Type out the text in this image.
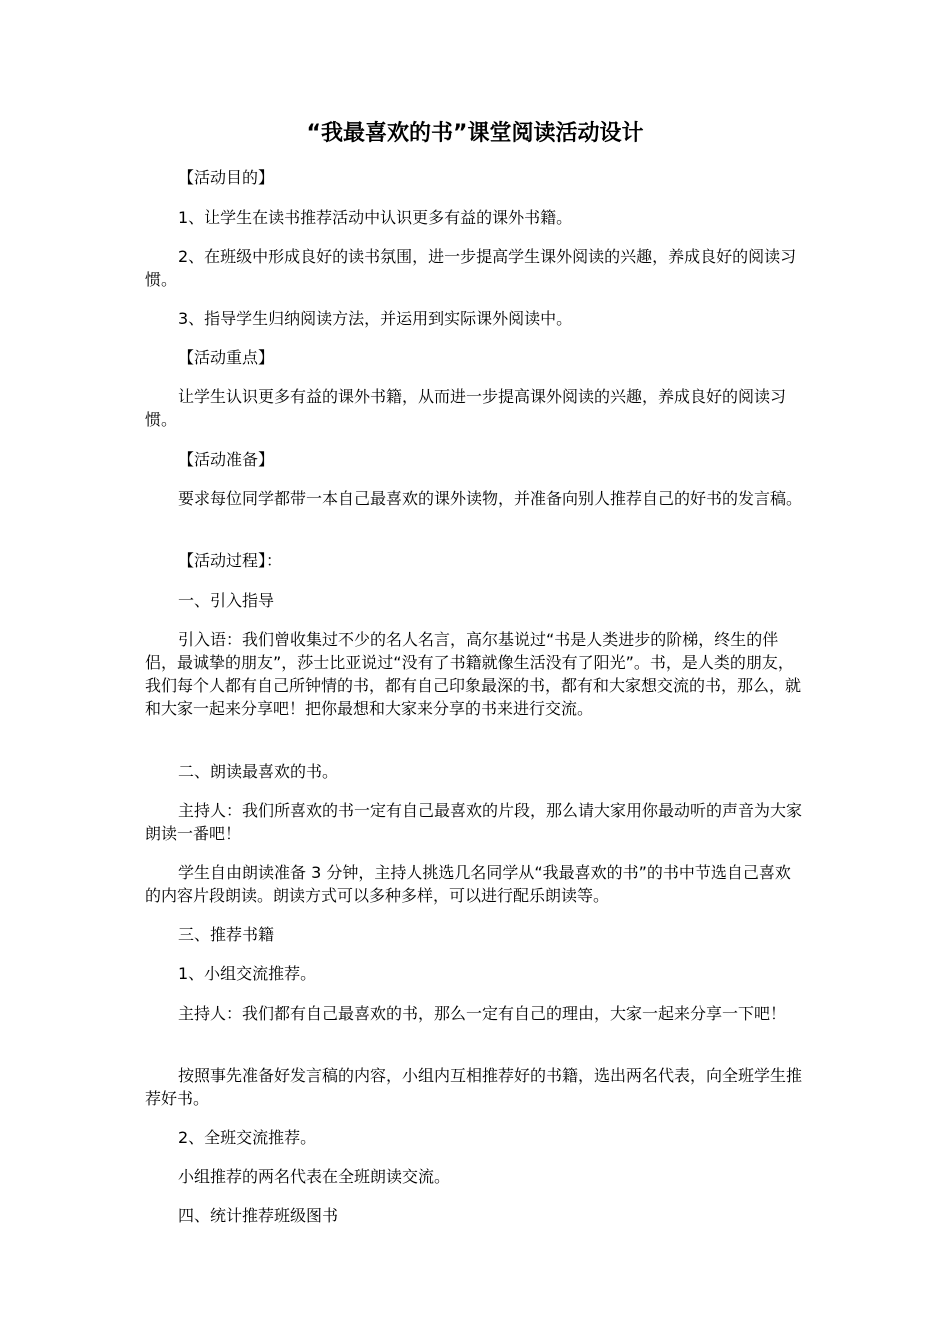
“我最喜欢的书”课堂阅读活动设计

【活动目的】

1、让学生在读书推荐活动中认识更多有益的课外书籍。

2、在班级中形成良好的读书氛围，进一步提高学生课外阅读的兴趣，养成良好的阅读习惯。

3、指导学生归纳阅读方法，并运用到实际课外阅读中。

【活动重点】

让学生认识更多有益的课外书籍，从而进一步提高课外阅读的兴趣，养成良好的阅读习惯。

【活动准备】

要求每位同学都带一本自己最喜欢的课外读物，并准备向别人推荐自己的好书的发言稿。

【活动过程】：

一、引入指导

引入语：我们曾收集过不少的名人名言，高尔基说过“书是人类进步的阶梯，终生的伴侣，最诚挚的朋友”，莎士比亚说过“没有了书籍就像生活没有了阳光”。书，是人类的朋友，我们每个人都有自己所钟情的书，都有自己印象最深的书，都有和大家想交流的书，那么，就和大家一起来分享吧！把你最想和大家来分享的书来进行交流。

二、朗读最喜欢的书。

主持人：我们所喜欢的书一定有自己最喜欢的片段，那么请大家用你最动听的声音为大家朗读一番吧！

学生自由朗读准备 3 分钟，主持人挑选几名同学从“我最喜欢的书”的书中节选自己喜欢的内容片段朗读。朗读方式可以多种多样，可以进行配乐朗读等。

三、推荐书籍

1、小组交流推荐。

主持人：我们都有自己最喜欢的书，那么一定有自己的理由，大家一起来分享一下吧！

按照事先准备好发言稿的内容，小组内互相推荐好的书籍，选出两名代表，向全班学生推荐好书。

2、全班交流推荐。

小组推荐的两名代表在全班朗读交流。

四、统计推荐班级图书
